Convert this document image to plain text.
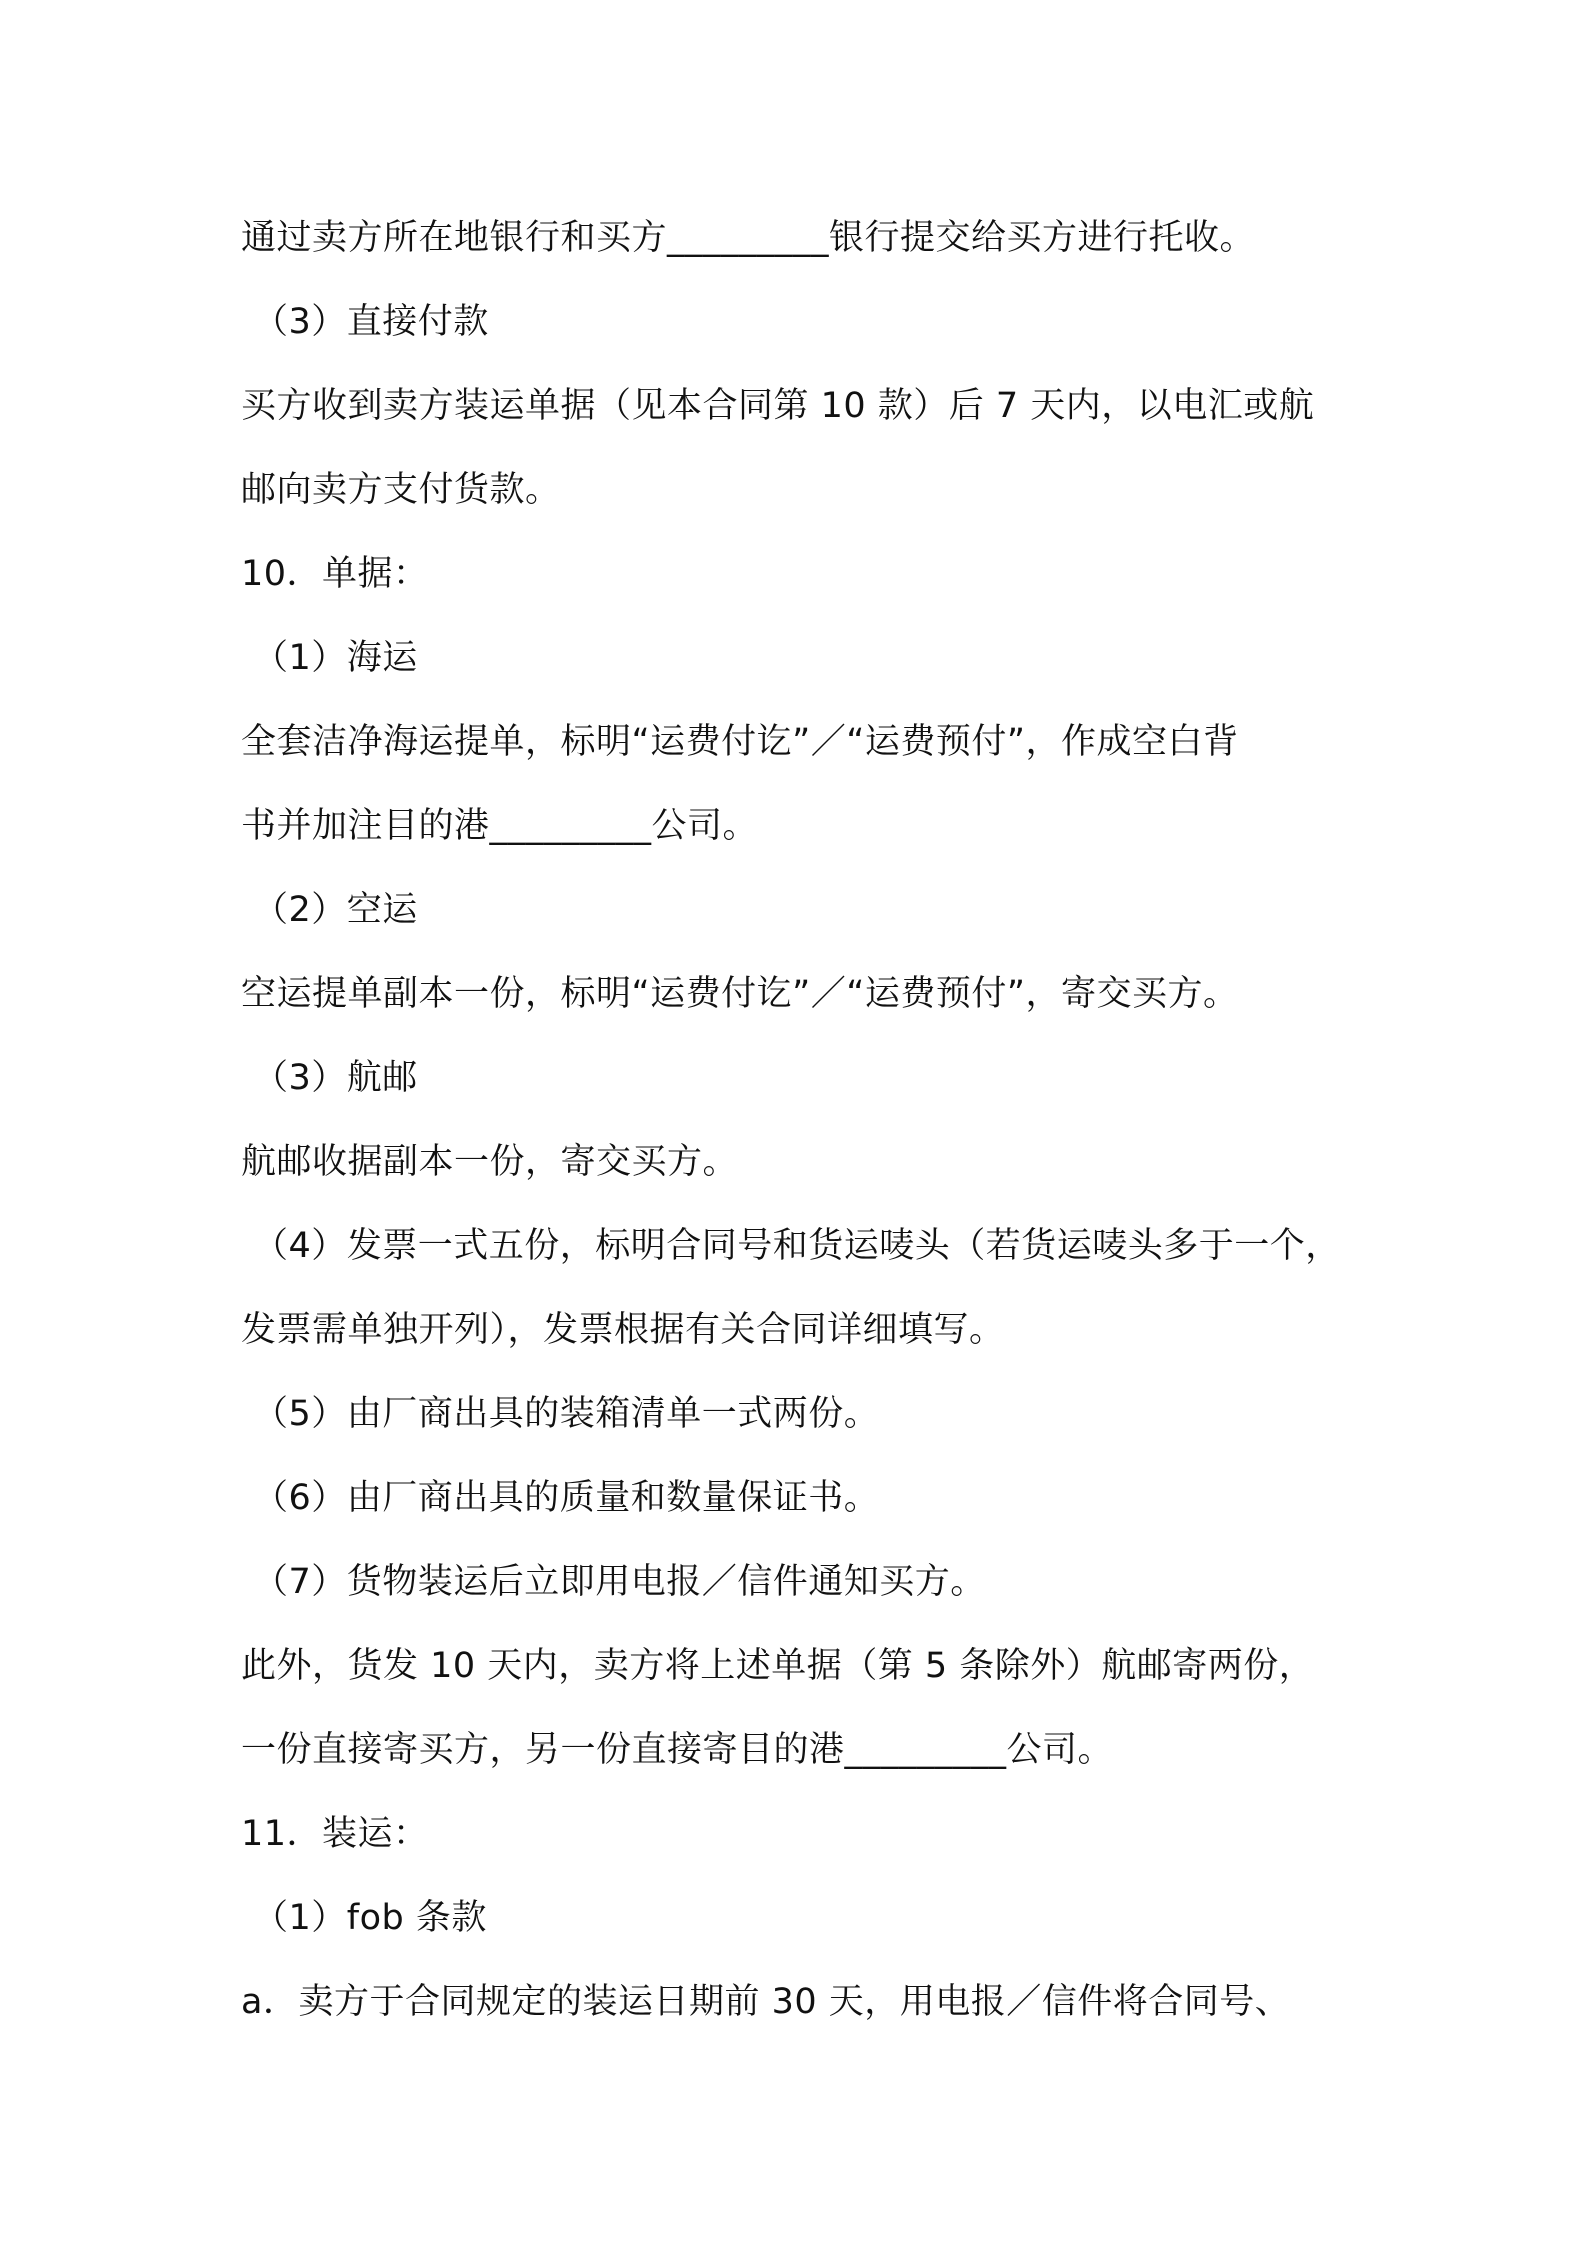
通过卖方所在地银行和买方_________银行提交给买方进行托收。
（3）直接付款
买方收到卖方装运单据（见本合同第 10 款）后 7 天内，以电汇或航
邮向卖方支付货款。
10．单据：
（1）海运
全套洁净海运提单，标明“运费付讫”／“运费预付”，作成空白背
书并加注目的港_________公司。
（2）空运
空运提单副本一份，标明“运费付讫”／“运费预付”，寄交买方。
（3）航邮
航邮收据副本一份，寄交买方。
（4）发票一式五份，标明合同号和货运唛头（若货运唛头多于一个，
发票需单独开列），发票根据有关合同详细填写。
（5）由厂商出具的装箱清单一式两份。
（6）由厂商出具的质量和数量保证书。
（7）货物装运后立即用电报／信件通知买方。
此外，货发 10 天内，卖方将上述单据（第 5 条除外）航邮寄两份，
一份直接寄买方，另一份直接寄目的港_________公司。
11．装运：
（1）fob 条款
a．卖方于合同规定的装运日期前 30 天，用电报／信件将合同号、
